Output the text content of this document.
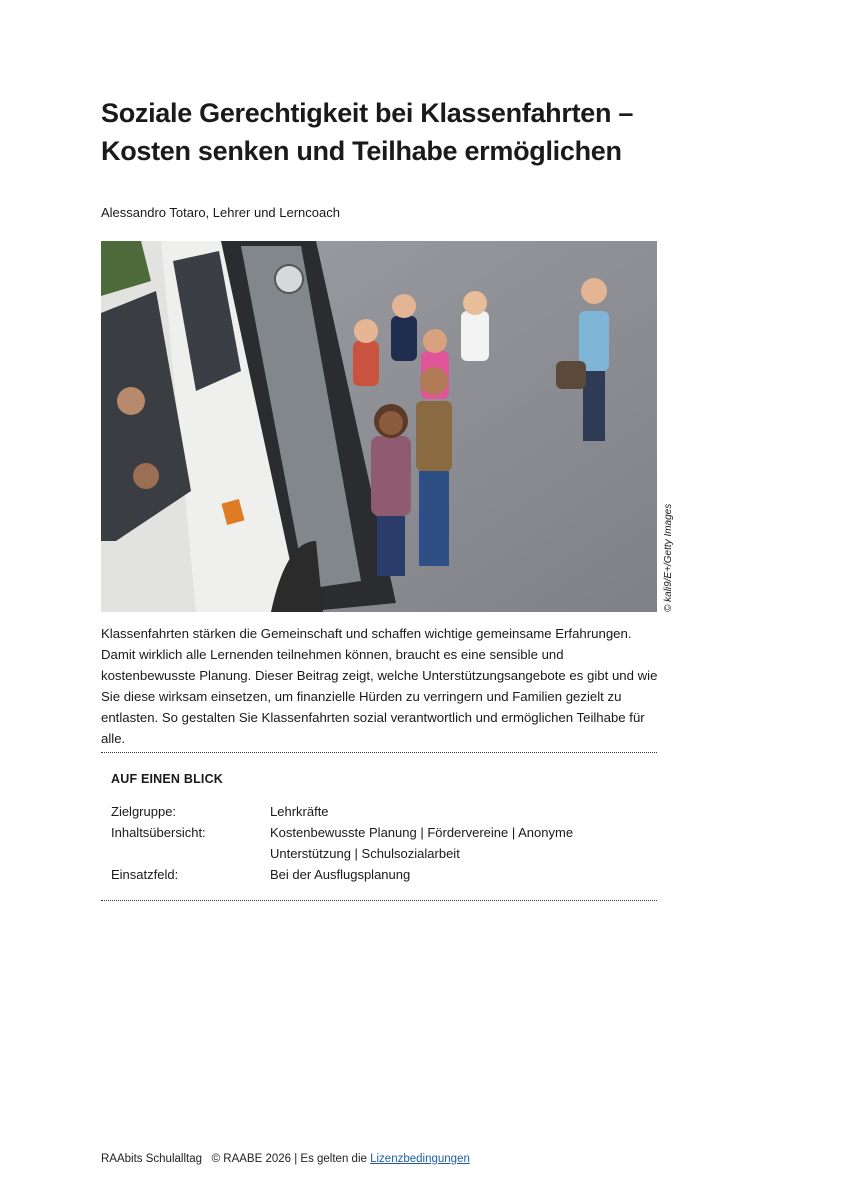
Soziale Gerechtigkeit bei Klassenfahrten – Kosten senken und Teilhabe ermöglichen
Alessandro Totaro, Lehrer und Lerncoach
© kali9/E+/Getty Images

Klassenfahrten stärken die Gemeinschaft und schaffen wichtige gemeinsame Erfahrungen. Damit wirklich alle Lernenden teilnehmen können, braucht es eine sensible und kostenbewusste Planung. Dieser Beitrag zeigt, welche Unterstützungsangebote es gibt und wie Sie diese wirksam einsetzen, um finanzielle Hürden zu verringern und Familien gezielt zu entlasten. So gestalten Sie Klassenfahrten sozial verantwortlich und ermöglichen Teilhabe für alle.

AUF EINEN BLICK
Zielgruppe:	Lehrkräfte
Inhaltsübersicht:	Kostenbewusste Planung | Fördervereine | Anonyme Unterstützung | Schulsozialarbeit
Einsatzfeld:	Bei der Ausflugsplanung
RAAbits Schulalltag © RAABE 2026 | Es gelten die Lizenzbedingungen
